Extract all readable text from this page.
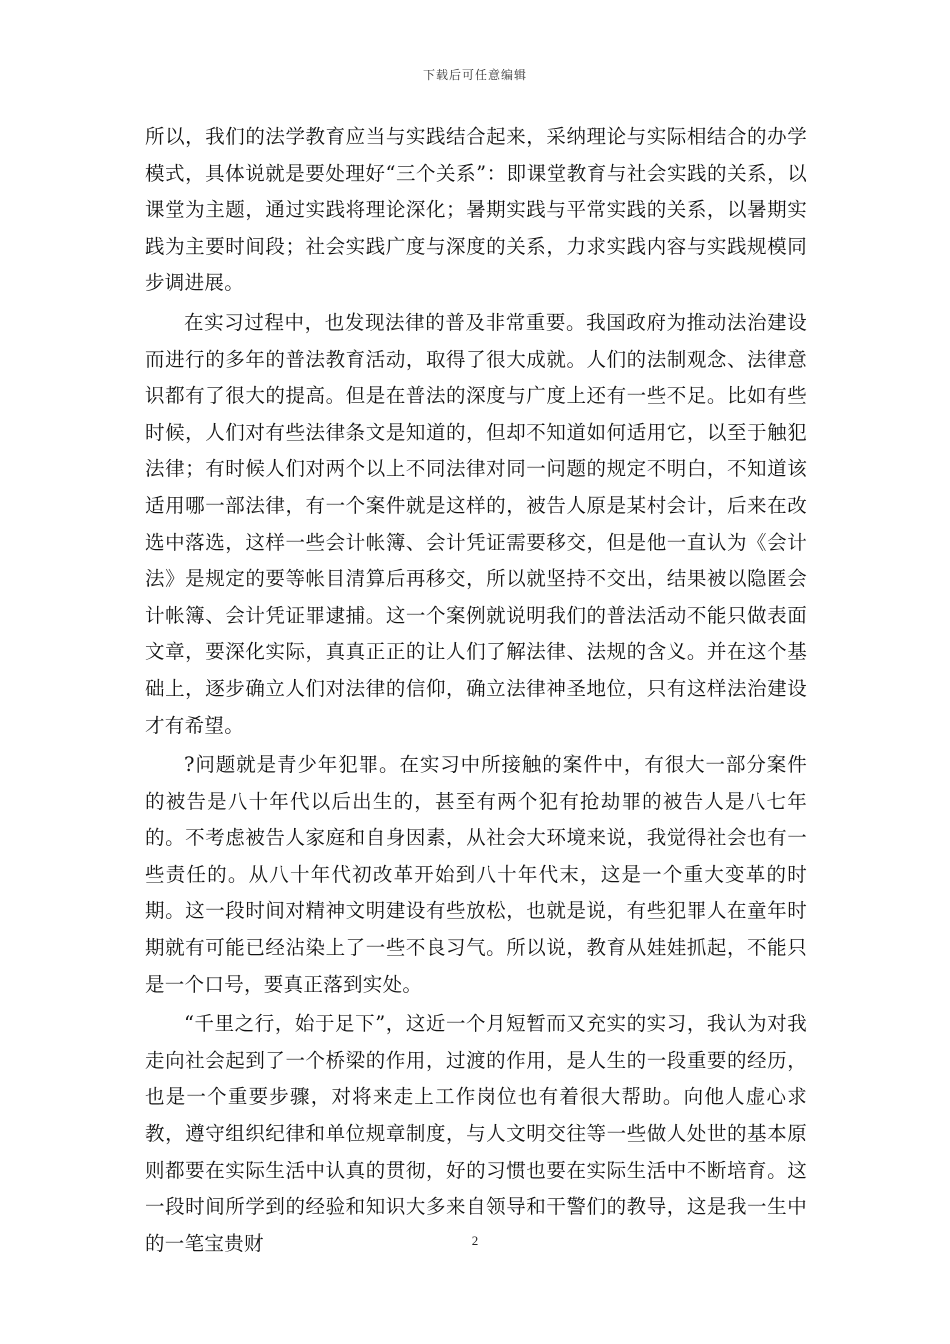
下载后可任意编辑

所以，我们的法学教育应当与实践结合起来，采纳理论与实际相结合的办学模式，具体说就是要处理好“三个关系”：即课堂教育与社会实践的关系，以课堂为主题，通过实践将理论深化；暑期实践与平常实践的关系，以暑期实践为主要时间段；社会实践广度与深度的关系，力求实践内容与实践规模同步调进展。

在实习过程中，也发现法律的普及非常重要。我国政府为推动法治建设而进行的多年的普法教育活动，取得了很大成就。人们的法制观念、法律意识都有了很大的提高。但是在普法的深度与广度上还有一些不足。比如有些时候，人们对有些法律条文是知道的，但却不知道如何适用它，以至于触犯法律；有时候人们对两个以上不同法律对同一问题的规定不明白，不知道该适用哪一部法律，有一个案件就是这样的，被告人原是某村会计，后来在改选中落选，这样一些会计帐簿、会计凭证需要移交，但是他一直认为《会计法》是规定的要等帐目清算后再移交，所以就坚持不交出，结果被以隐匿会计帐簿、会计凭证罪逮捕。这一个案例就说明我们的普法活动不能只做表面文章，要深化实际，真真正正的让人们了解法律、法规的含义。并在这个基础上，逐步确立人们对法律的信仰，确立法律神圣地位，只有这样法治建设才有希望。

?问题就是青少年犯罪。在实习中所接触的案件中，有很大一部分案件的被告是八十年代以后出生的，甚至有两个犯有抢劫罪的被告人是八七年的。不考虑被告人家庭和自身因素，从社会大环境来说，我觉得社会也有一些责任的。从八十年代初改革开始到八十年代末，这是一个重大变革的时期。这一段时间对精神文明建设有些放松，也就是说，有些犯罪人在童年时期就有可能已经沾染上了一些不良习气。所以说，教育从娃娃抓起，不能只是一个口号，要真正落到实处。

“千里之行，始于足下”，这近一个月短暂而又充实的实习，我认为对我走向社会起到了一个桥梁的作用，过渡的作用，是人生的一段重要的经历，也是一个重要步骤，对将来走上工作岗位也有着很大帮助。向他人虚心求教，遵守组织纪律和单位规章制度，与人文明交往等一些做人处世的基本原则都要在实际生活中认真的贯彻，好的习惯也要在实际生活中不断培育。这一段时间所学到的经验和知识大多来自领导和干警们的教导，这是我一生中的一笔宝贵财	2
